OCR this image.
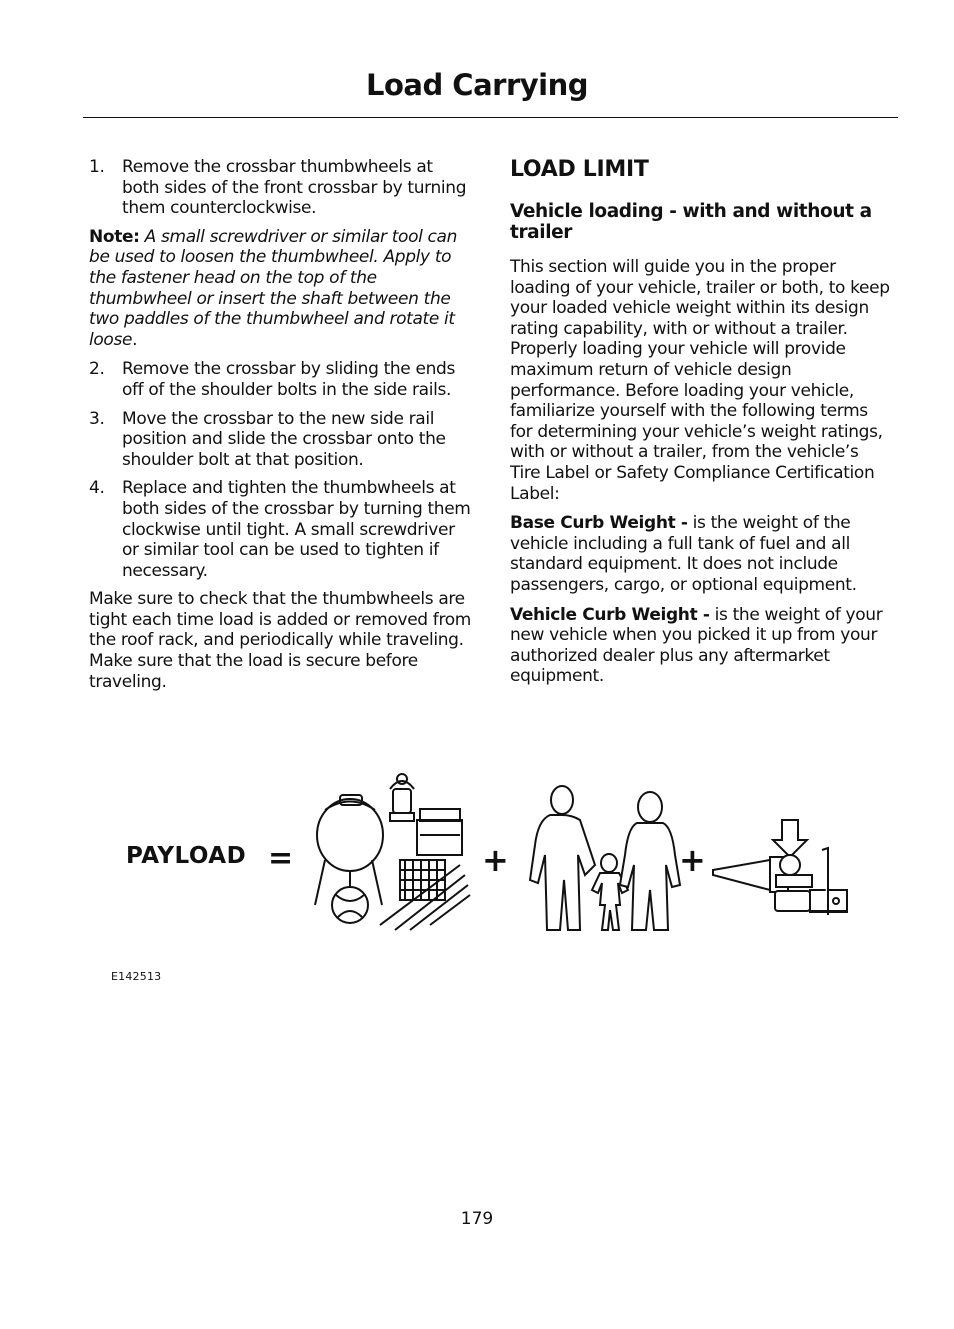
Load Carrying
1.	Remove the crossbar thumbwheels at both sides of the front crossbar by turning them counterclockwise.

Note: A small screwdriver or similar tool can be used to loosen the thumbwheel. Apply to the fastener head on the top of the thumbwheel or insert the shaft between the two paddles of the thumbwheel and rotate it loose.

2.	Remove the crossbar by sliding the ends off of the shoulder bolts in the side rails.
3.	Move the crossbar to the new side rail position and slide the crossbar onto the shoulder bolt at that position.
4.	Replace and tighten the thumbwheels at both sides of the crossbar by turning them clockwise until tight. A small screwdriver or similar tool can be used to tighten if necessary.

Make sure to check that the thumbwheels are tight each time load is added or removed from the roof rack, and periodically while traveling. Make sure that the load is secure before traveling.

LOAD LIMIT
Vehicle loading - with and without a trailer

This section will guide you in the proper loading of your vehicle, trailer or both, to keep your loaded vehicle weight within its design rating capability, with or without a trailer. Properly loading your vehicle will provide maximum return of vehicle design performance. Before loading your vehicle, familiarize yourself with the following terms for determining your vehicle’s weight ratings, with or without a trailer, from the vehicle’s Tire Label or Safety Compliance Certification Label:

Base Curb Weight - is the weight of the vehicle including a full tank of fuel and all standard equipment. It does not include passengers, cargo, or optional equipment.

Vehicle Curb Weight - is the weight of your new vehicle when you picked it up from your authorized dealer plus any aftermarket equipment.

PAYLOAD =	+	+
E142513
179
